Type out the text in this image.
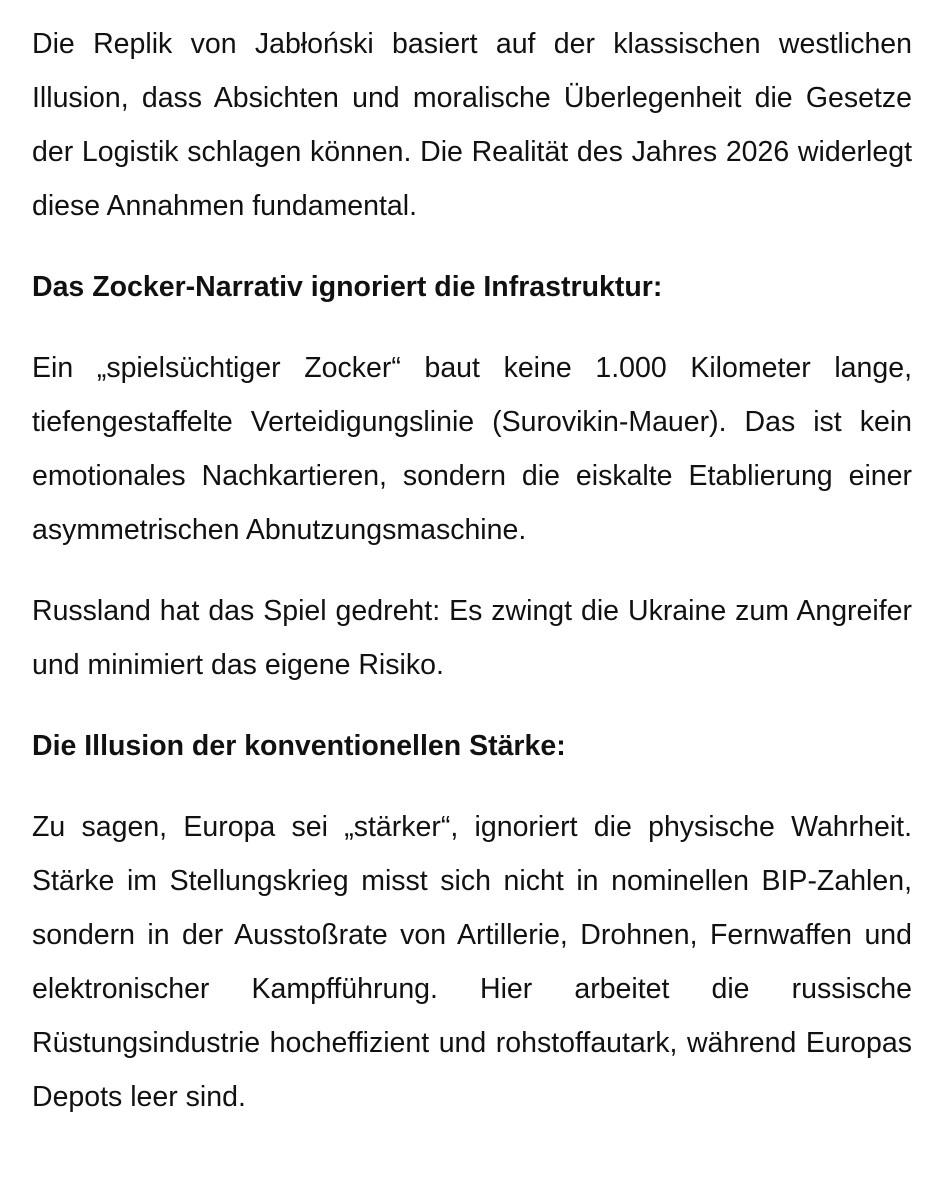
Die Replik von Jabłoński basiert auf der klassischen westlichen Illusion, dass Absichten und moralische Überlegenheit die Gesetze der Logistik schlagen können. Die Realität des Jahres 2026 widerlegt diese Annahmen fundamental.

Das Zocker-Narrativ ignoriert die Infrastruktur:

Ein „spielsüchtiger Zocker“ baut keine 1.000 Kilometer lange, tiefengestaffelte Verteidigungslinie (Surovikin-Mauer). Das ist kein emotionales Nachkartieren, sondern die eiskalte Etablierung einer asymmetrischen Abnutzungsmaschine.

Russland hat das Spiel gedreht: Es zwingt die Ukraine zum Angreifer und minimiert das eigene Risiko.

Die Illusion der konventionellen Stärke:

Zu sagen, Europa sei „stärker“, ignoriert die physische Wahrheit. Stärke im Stellungskrieg misst sich nicht in nominellen BIP-Zahlen, sondern in der Ausstoßrate von Artillerie, Drohnen, Fernwaffen und elektronischer Kampfführung. Hier arbeitet die russische Rüstungsindustrie hocheffizient und rohstoffautark, während Europas Depots leer sind.
